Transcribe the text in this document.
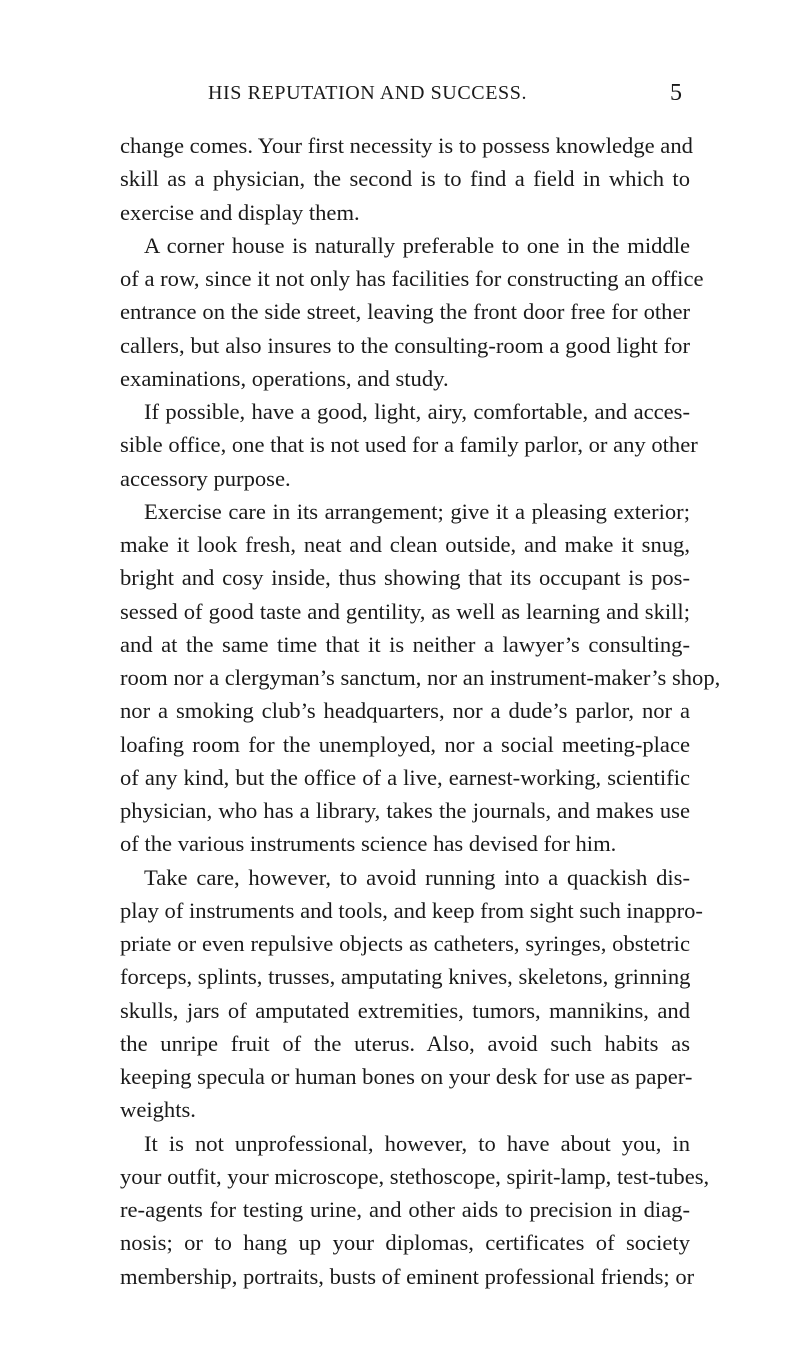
HIS REPUTATION AND SUCCESS.	5
change comes. Your first necessity is to possess knowledge and
skill as a physician, the second is to find a field in which to
exercise and display them.
A corner house is naturally preferable to one in the middle
of a row, since it not only has facilities for constructing an office
entrance on the side street, leaving the front door free for other
callers, but also insures to the consulting-room a good light for
examinations, operations, and study.
If possible, have a good, light, airy, comfortable, and acces-
sible office, one that is not used for a family parlor, or any other
accessory purpose.
Exercise care in its arrangement; give it a pleasing exterior;
make it look fresh, neat and clean outside, and make it snug,
bright and cosy inside, thus showing that its occupant is pos-
sessed of good taste and gentility, as well as learning and skill;
and at the same time that it is neither a lawyer’s consulting-
room nor a clergyman’s sanctum, nor an instrument-maker’s shop,
nor a smoking club’s headquarters, nor a dude’s parlor, nor a
loafing room for the unemployed, nor a social meeting-place
of any kind, but the office of a live, earnest-working, scientific
physician, who has a library, takes the journals, and makes use
of the various instruments science has devised for him.
Take care, however, to avoid running into a quackish dis-
play of instruments and tools, and keep from sight such inappro-
priate or even repulsive objects as catheters, syringes, obstetric
forceps, splints, trusses, amputating knives, skeletons, grinning
skulls, jars of amputated extremities, tumors, mannikins, and
the unripe fruit of the uterus. Also, avoid such habits as
keeping specula or human bones on your desk for use as paper-
weights.
It is not unprofessional, however, to have about you, in
your outfit, your microscope, stethoscope, spirit-lamp, test-tubes,
re-agents for testing urine, and other aids to precision in diag-
nosis; or to hang up your diplomas, certificates of society
membership, portraits, busts of eminent professional friends; or
